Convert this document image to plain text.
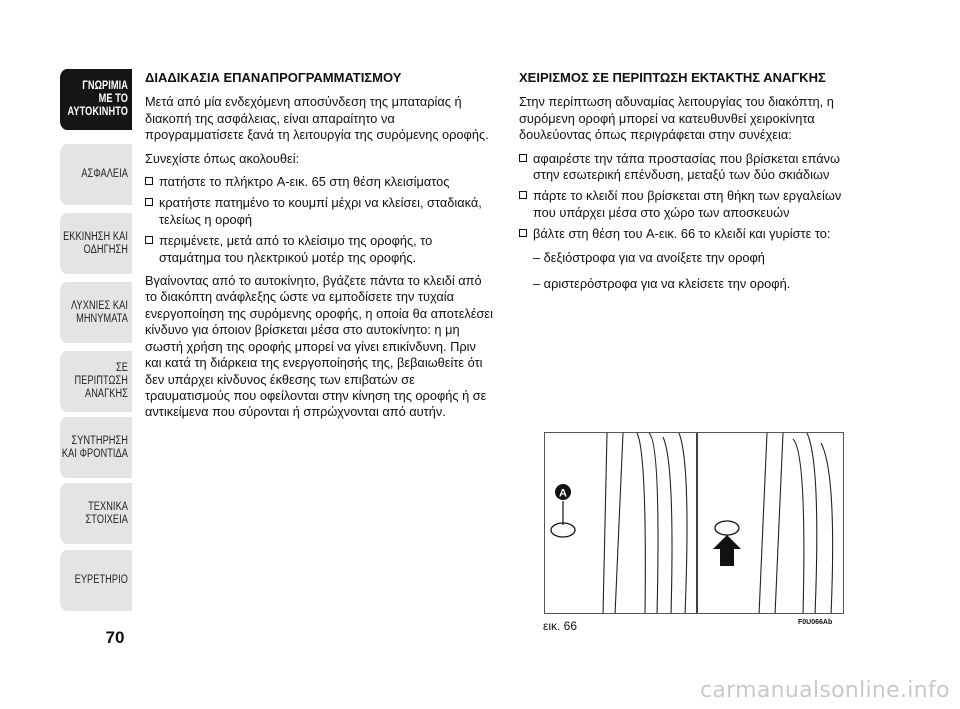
ΓΝΩΡΙΜΙΑ
ΜΕ ΤΟ
ΑΥΤΟΚΙΝΗΤΟ
ΑΣΦΑΛΕΙΑ
ΕΚΚΙΝΗΣΗ ΚΑΙ
ΟΔΗΓΗΣΗ
ΛΥΧΝΙΕΣ ΚΑΙ
ΜΗΝΥΜΑΤΑ
ΣΕ ΠΕΡΙΠΤΩΣΗ
ΑΝΑΓΚΗΣ
ΣΥΝΤΗΡΗΣΗ
ΚΑΙ ΦΡΟΝΤΙΔΑ
ΤΕΧΝΙΚΑ
ΣΤΟΙΧΕΙΑ
ΕΥΡΕΤΗΡΙΟ
70
ΔΙΑΔΙΚΑΣΙΑ ΕΠΑΝΑΠΡΟΓΡΑΜΜΑΤΙΣΜΟΥ

Μετά από μία ενδεχόμενη αποσύνδεση της μπαταρίας ή διακοπή της ασφάλειας, είναι απαραίτητο να προγραμματίσετε ξανά τη λειτουργία της συρόμενης οροφής.

Συνεχίστε όπως ακολουθεί:

πατήστε το πλήκτρο A-εικ. 65 στη θέση κλεισίματος
κρατήστε πατημένο το κουμπί μέχρι να κλείσει, σταδιακά, τελείως η οροφή
περιμένετε, μετά από το κλείσιμο της οροφής, το σταμάτημα του ηλεκτρικού μοτέρ της οροφής.

Βγαίνοντας από το αυτοκίνητο, βγάζετε πάντα το κλειδί από το διακόπτη ανάφλεξης ώστε να εμποδίσετε την τυχαία ενεργοποίηση της συρόμενης οροφής, η οποία θα αποτελέσει κίνδυνο για όποιον βρίσκεται μέσα στο αυτοκίνητο: η μη σωστή χρήση της οροφής μπορεί να γίνει επικίνδυνη. Πριν και κατά τη διάρκεια της ενεργοποίησής της, βεβαιωθείτε ότι δεν υπάρχει κίνδυνος έκθεσης των επιβατών σε τραυματισμούς που οφείλονται στην κίνηση της οροφής ή σε αντικείμενα που σύρονται ή σπρώχνονται από αυτήν.

ΧΕΙΡΙΣΜΟΣ ΣΕ ΠΕΡΙΠΤΩΣΗ ΕΚΤΑΚΤΗΣ ΑΝΑΓΚΗΣ

Στην περίπτωση αδυναμίας λειτουργίας του διακόπτη, η συρόμενη οροφή μπορεί να κατευθυνθεί χειροκίνητα δουλεύοντας όπως περιγράφεται στην συνέχεια:

αφαιρέστε την τάπα προστασίας που βρίσκεται επάνω στην εσωτερική επένδυση, μεταξύ των δύο σκιάδιων
πάρτε το κλειδί που βρίσκεται στη θήκη των εργαλείων που υπάρχει μέσα στο χώρο των αποσκευών
βάλτε στη θέση του A-εικ. 66 το κλειδί και γυρίστε το:
– δεξιόστροφα για να ανοίξετε την οροφή
– αριστερόστροφα για να κλείσετε την οροφή.
A
εικ. 66	F0U066Ab
carmanualsonline.info
